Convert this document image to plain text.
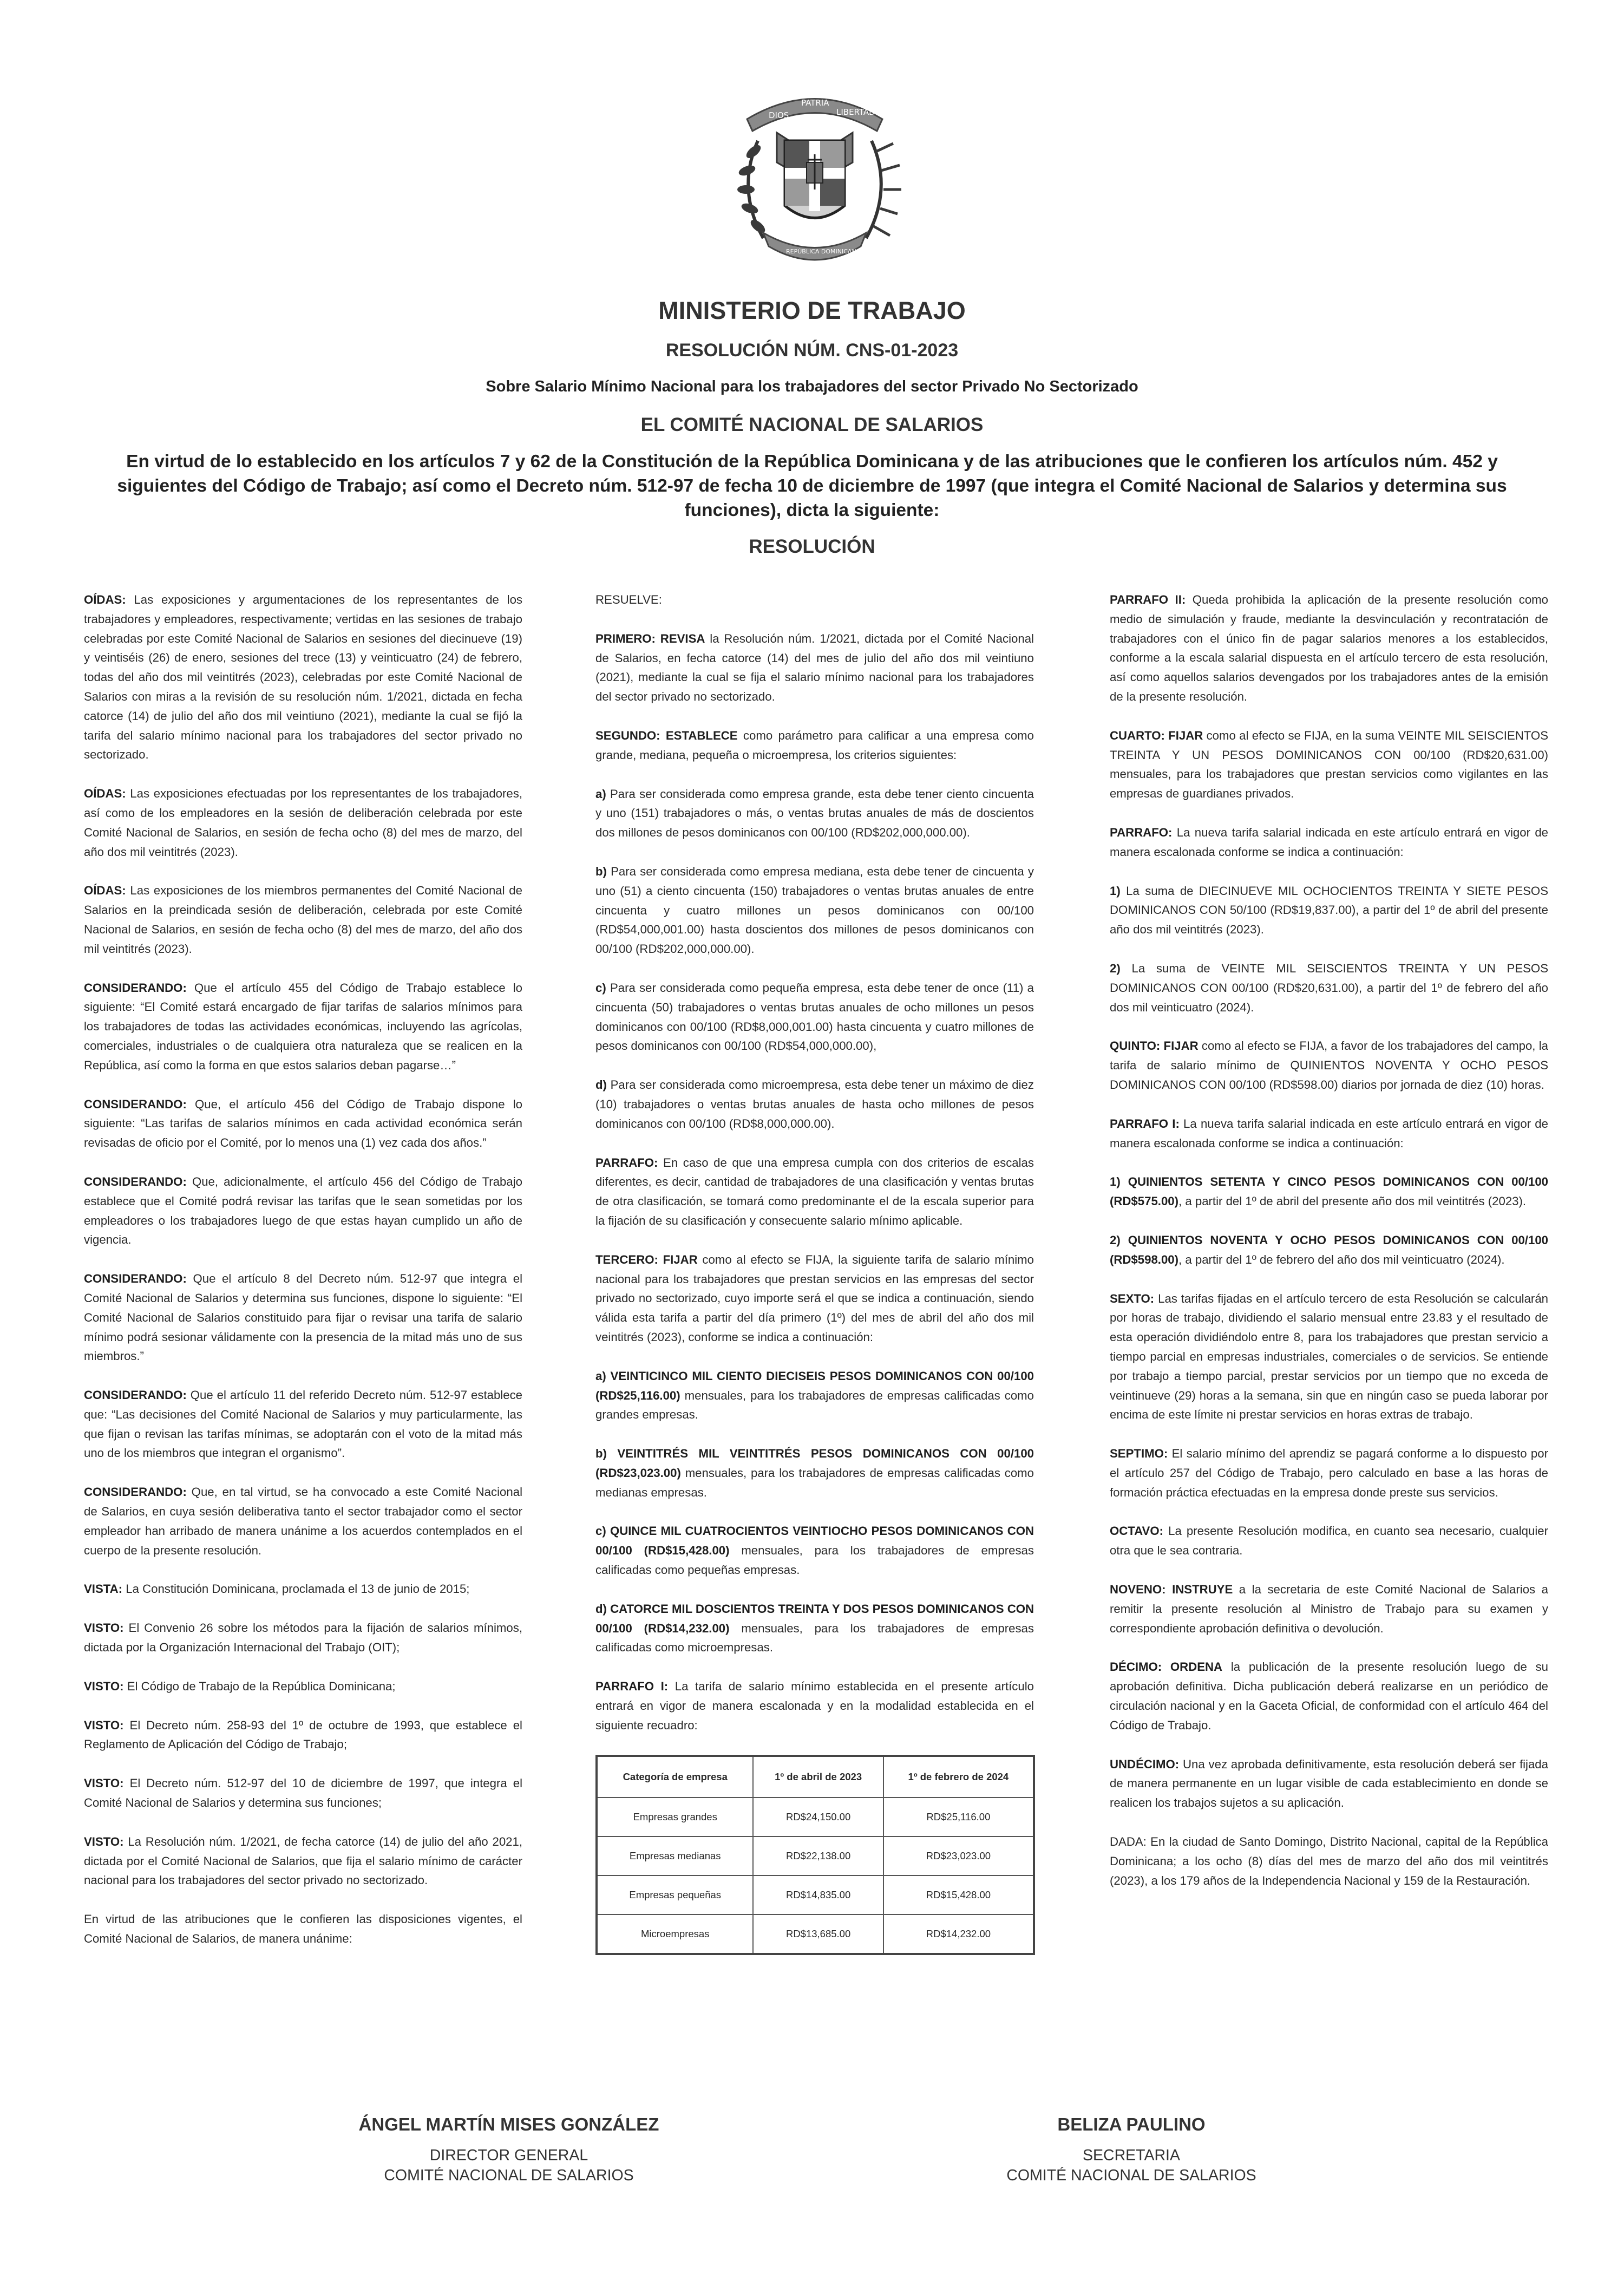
DIOS
PATRIA
LIBERTAD
REPÚBLICA DOMINICANA
MINISTERIO DE TRABAJO
RESOLUCIÓN NÚM. CNS-01-2023
Sobre Salario Mínimo Nacional para los trabajadores del sector Privado No Sectorizado
EL COMITÉ NACIONAL DE SALARIOS
En virtud de lo establecido en los artículos 7 y 62 de la Constitución de la República Dominicana y de las atribuciones que le confieren los artículos núm. 452 y siguientes del Código de Trabajo; así como el Decreto núm. 512-97 de fecha 10 de diciembre de 1997 (que integra el Comité Nacional de Salarios y determina sus funciones), dicta la siguiente:
RESOLUCIÓN

OÍDAS: Las exposiciones y argumentaciones de los representantes de los trabajadores y empleadores, respectivamente; vertidas en las sesiones de trabajo celebradas por este Comité Nacional de Salarios en sesiones del diecinueve (19) y veintiséis (26) de enero, sesiones del trece (13) y veinticuatro (24) de febrero, todas del año dos mil veintitrés (2023), celebradas por este Comité Nacional de Salarios con miras a la revisión de su resolución núm. 1/2021, dictada en fecha catorce (14) de julio del año dos mil veintiuno (2021), mediante la cual se fijó la tarifa del salario mínimo nacional para los trabajadores del sector privado no sectorizado.

OÍDAS: Las exposiciones efectuadas por los representantes de los trabajadores, así como de los empleadores en la sesión de deliberación celebrada por este Comité Nacional de Salarios, en sesión de fecha ocho (8) del mes de marzo, del año dos mil veintitrés (2023).

OÍDAS: Las exposiciones de los miembros permanentes del Comité Nacional de Salarios en la preindicada sesión de deliberación, celebrada por este Comité Nacional de Salarios, en sesión de fecha ocho (8) del mes de marzo, del año dos mil veintitrés (2023).

CONSIDERANDO: Que el artículo 455 del Código de Trabajo establece lo siguiente: “El Comité estará encargado de fijar tarifas de salarios mínimos para los trabajadores de todas las actividades económicas, incluyendo las agrícolas, comerciales, industriales o de cualquiera otra naturaleza que se realicen en la República, así como la forma en que estos salarios deban pagarse…”

CONSIDERANDO: Que, el artículo 456 del Código de Trabajo dispone lo siguiente: “Las tarifas de salarios mínimos en cada actividad económica serán revisadas de oficio por el Comité, por lo menos una (1) vez cada dos años.”

CONSIDERANDO: Que, adicionalmente, el artículo 456 del Código de Trabajo establece que el Comité podrá revisar las tarifas que le sean sometidas por los empleadores o los trabajadores luego de que estas hayan cumplido un año de vigencia.

CONSIDERANDO: Que el artículo 8 del Decreto núm. 512-97 que integra el Comité Nacional de Salarios y determina sus funciones, dispone lo siguiente: “El Comité Nacional de Salarios constituido para fijar o revisar una tarifa de salario mínimo podrá sesionar válidamente con la presencia de la mitad más uno de sus miembros.”

CONSIDERANDO: Que el artículo 11 del referido Decreto núm. 512-97 establece que: “Las decisiones del Comité Nacional de Salarios y muy particularmente, las que fijan o revisan las tarifas mínimas, se adoptarán con el voto de la mitad más uno de los miembros que integran el organismo”.

CONSIDERANDO: Que, en tal virtud, se ha convocado a este Comité Nacional de Salarios, en cuya sesión deliberativa tanto el sector trabajador como el sector empleador han arribado de manera unánime a los acuerdos contemplados en el cuerpo de la presente resolución.

VISTA: La Constitución Dominicana, proclamada el 13 de junio de 2015;

VISTO: El Convenio 26 sobre los métodos para la fijación de salarios mínimos, dictada por la Organización Internacional del Trabajo (OIT);

VISTO: El Código de Trabajo de la República Dominicana;

VISTO: El Decreto núm. 258-93 del 1º de octubre de 1993, que establece el Reglamento de Aplicación del Código de Trabajo;

VISTO: El Decreto núm. 512-97 del 10 de diciembre de 1997, que integra el Comité Nacional de Salarios y determina sus funciones;

VISTO: La Resolución núm. 1/2021, de fecha catorce (14) de julio del año 2021, dictada por el Comité Nacional de Salarios, que fija el salario mínimo de carácter nacional para los trabajadores del sector privado no sectorizado.

En virtud de las atribuciones que le confieren las disposiciones vigentes, el Comité Nacional de Salarios, de manera unánime:

RESUELVE:

PRIMERO: REVISA la Resolución núm. 1/2021, dictada por el Comité Nacional de Salarios, en fecha catorce (14) del mes de julio del año dos mil veintiuno (2021), mediante la cual se fija el salario mínimo nacional para los trabajadores del sector privado no sectorizado.

SEGUNDO: ESTABLECE como parámetro para calificar a una empresa como grande, mediana, pequeña o microempresa, los criterios siguientes:

a) Para ser considerada como empresa grande, esta debe tener ciento cincuenta y uno (151) trabajadores o más, o ventas brutas anuales de más de doscientos dos millones de pesos dominicanos con 00/100 (RD$202,000,000.00).

b) Para ser considerada como empresa mediana, esta debe tener de cincuenta y uno (51) a ciento cincuenta (150) trabajadores o ventas brutas anuales de entre cincuenta y cuatro millones un pesos dominicanos con 00/100 (RD$54,000,001.00) hasta doscientos dos millones de pesos dominicanos con 00/100 (RD$202,000,000.00).

c) Para ser considerada como pequeña empresa, esta debe tener de once (11) a cincuenta (50) trabajadores o ventas brutas anuales de ocho millones un pesos dominicanos con 00/100 (RD$8,000,001.00) hasta cincuenta y cuatro millones de pesos dominicanos con 00/100 (RD$54,000,000.00),

d) Para ser considerada como microempresa, esta debe tener un máximo de diez (10) trabajadores o ventas brutas anuales de hasta ocho millones de pesos dominicanos con 00/100 (RD$8,000,000.00).

PARRAFO: En caso de que una empresa cumpla con dos criterios de escalas diferentes, es decir, cantidad de trabajadores de una clasificación y ventas brutas de otra clasificación, se tomará como predominante el de la escala superior para la fijación de su clasificación y consecuente salario mínimo aplicable.

TERCERO: FIJAR como al efecto se FIJA, la siguiente tarifa de salario mínimo nacional para los trabajadores que prestan servicios en las empresas del sector privado no sectorizado, cuyo importe será el que se indica a continuación, siendo válida esta tarifa a partir del día primero (1º) del mes de abril del año dos mil veintitrés (2023), conforme se indica a continuación:

a) VEINTICINCO MIL CIENTO DIECISEIS PESOS DOMINICANOS CON 00/100 (RD$25,116.00) mensuales, para los trabajadores de empresas calificadas como grandes empresas.

b) VEINTITRÉS MIL VEINTITRÉS PESOS DOMINICANOS CON 00/100 (RD$23,023.00) mensuales, para los trabajadores de empresas calificadas como medianas empresas.

c) QUINCE MIL CUATROCIENTOS VEINTIOCHO PESOS DOMINICANOS CON 00/100 (RD$15,428.00) mensuales, para los trabajadores de empresas calificadas como pequeñas empresas.

d) CATORCE MIL DOSCIENTOS TREINTA Y DOS PESOS DOMINICANOS CON 00/100 (RD$14,232.00) mensuales, para los trabajadores de empresas calificadas como microempresas.

PARRAFO I: La tarifa de salario mínimo establecida en el presente artículo entrará en vigor de manera escalonada y en la modalidad establecida en el siguiente recuadro:

Categoría de empresa	1º de abril de 2023	1º de febrero de 2024
Empresas grandes	RD$24,150.00	RD$25,116.00
Empresas medianas	RD$22,138.00	RD$23,023.00
Empresas pequeñas	RD$14,835.00	RD$15,428.00
Microempresas	RD$13,685.00	RD$14,232.00

PARRAFO II: Queda prohibida la aplicación de la presente resolución como medio de simulación y fraude, mediante la desvinculación y recontratación de trabajadores con el único fin de pagar salarios menores a los establecidos, conforme a la escala salarial dispuesta en el artículo tercero de esta resolución, así como aquellos salarios devengados por los trabajadores antes de la emisión de la presente resolución.

CUARTO: FIJAR como al efecto se FIJA, en la suma VEINTE MIL SEISCIENTOS TREINTA Y UN PESOS DOMINICANOS CON 00/100 (RD$20,631.00) mensuales, para los trabajadores que prestan servicios como vigilantes en las empresas de guardianes privados.

PARRAFO: La nueva tarifa salarial indicada en este artículo entrará en vigor de manera escalonada conforme se indica a continuación:

1) La suma de DIECINUEVE MIL OCHOCIENTOS TREINTA Y SIETE PESOS DOMINICANOS CON 50/100 (RD$19,837.00), a partir del 1º de abril del presente año dos mil veintitrés (2023).

2) La suma de VEINTE MIL SEISCIENTOS TREINTA Y UN PESOS DOMINICANOS CON 00/100 (RD$20,631.00), a partir del 1º de febrero del año dos mil veinticuatro (2024).

QUINTO: FIJAR como al efecto se FIJA, a favor de los trabajadores del campo, la tarifa de salario mínimo de QUINIENTOS NOVENTA Y OCHO PESOS DOMINICANOS CON 00/100 (RD$598.00) diarios por jornada de diez (10) horas.

PARRAFO I: La nueva tarifa salarial indicada en este artículo entrará en vigor de manera escalonada conforme se indica a continuación:

1) QUINIENTOS SETENTA Y CINCO PESOS DOMINICANOS CON 00/100 (RD$575.00), a partir del 1º de abril del presente año dos mil veintitrés (2023).

2) QUINIENTOS NOVENTA Y OCHO PESOS DOMINICANOS CON 00/100 (RD$598.00), a partir del 1º de febrero del año dos mil veinticuatro (2024).

SEXTO: Las tarifas fijadas en el artículo tercero de esta Resolución se calcularán por horas de trabajo, dividiendo el salario mensual entre 23.83 y el resultado de esta operación dividiéndolo entre 8, para los trabajadores que prestan servicio a tiempo parcial en empresas industriales, comerciales o de servicios. Se entiende por trabajo a tiempo parcial, prestar servicios por un tiempo que no exceda de veintinueve (29) horas a la semana, sin que en ningún caso se pueda laborar por encima de este límite ni prestar servicios en horas extras de trabajo.

SEPTIMO: El salario mínimo del aprendiz se pagará conforme a lo dispuesto por el artículo 257 del Código de Trabajo, pero calculado en base a las horas de formación práctica efectuadas en la empresa donde preste sus servicios.

OCTAVO: La presente Resolución modifica, en cuanto sea necesario, cualquier otra que le sea contraria.

NOVENO: INSTRUYE a la secretaria de este Comité Nacional de Salarios a remitir la presente resolución al Ministro de Trabajo para su examen y correspondiente aprobación definitiva o devolución.

DÉCIMO: ORDENA la publicación de la presente resolución luego de su aprobación definitiva. Dicha publicación deberá realizarse en un periódico de circulación nacional y en la Gaceta Oficial, de conformidad con el artículo 464 del Código de Trabajo.

UNDÉCIMO: Una vez aprobada definitivamente, esta resolución deberá ser fijada de manera permanente en un lugar visible de cada establecimiento en donde se realicen los trabajos sujetos a su aplicación.

DADA: En la ciudad de Santo Domingo, Distrito Nacional, capital de la República Dominicana; a los ocho (8) días del mes de marzo del año dos mil veintitrés (2023), a los 179 años de la Independencia Nacional y 159 de la Restauración.

ÁNGEL MARTÍN MISES GONZÁLEZ
DIRECTOR GENERAL
COMITÉ NACIONAL DE SALARIOS
BELIZA PAULINO
SECRETARIA
COMITÉ NACIONAL DE SALARIOS
